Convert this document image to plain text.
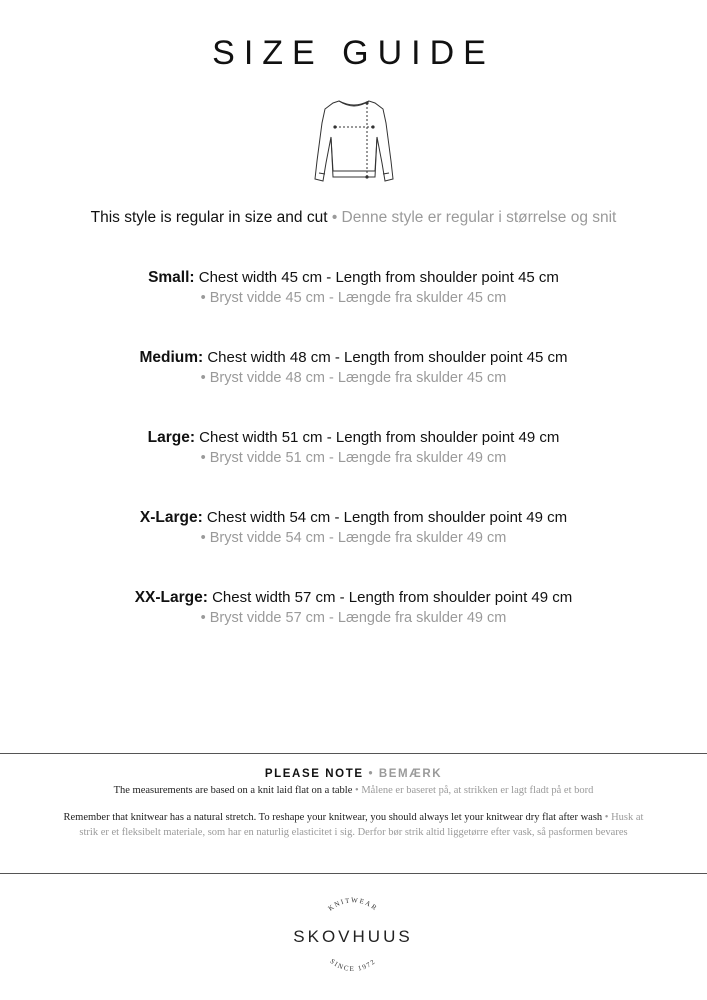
SIZE GUIDE
This style is regular in size and cut • Denne style er regular i størrelse og snit
Small: Chest width 45 cm - Length from shoulder point 45 cm
• Bryst vidde 45 cm - Længde fra skulder 45 cm
Medium: Chest width 48 cm - Length from shoulder point 45 cm
• Bryst vidde 48 cm - Længde fra skulder 45 cm
Large: Chest width 51 cm - Length from shoulder point 49 cm
• Bryst vidde 51 cm - Længde fra skulder 49 cm
X-Large: Chest width 54 cm - Length from shoulder point 49 cm
• Bryst vidde 54 cm - Længde fra skulder 49 cm
XX-Large: Chest width 57 cm - Length from shoulder point 49 cm
• Bryst vidde 57 cm - Længde fra skulder 49 cm
PLEASE NOTE • BEMÆRK
The measurements are based on a knit laid flat on a table • Målene er baseret på, at strikken er lagt fladt på et bord
Remember that knitwear has a natural stretch. To reshape your knitwear, you should always let your knitwear dry flat after wash • Husk at strik er et fleksibelt materiale, som har en naturlig elasticitet i sig. Derfor bør strik altid liggetørre efter vask, så pasformen bevares
KNITWEAR
SKOVHUUS
SINCE 1972
